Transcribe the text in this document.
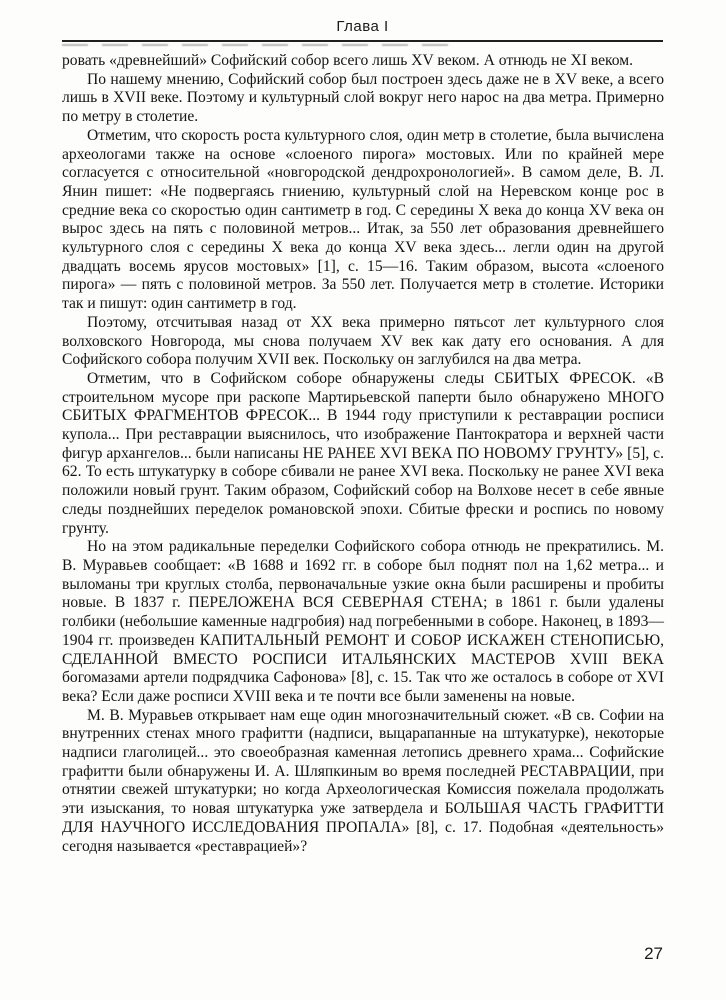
Глава I

ровать «древнейший» Софийский собор всего лишь XV веком. А отнюдь не XI веком.

По нашему мнению, Софийский собор был построен здесь даже не в XV веке, а всего лишь в XVII веке. Поэтому и культурный слой вокруг него нарос на два метра. Примерно по метру в столетие.

Отметим, что скорость роста культурного слоя, один метр в столетие, была вычислена археологами также на основе «слоеного пирога» мостовых. Или по крайней мере согласуется с относительной «новгородской дендрохронологией». В самом деле, В. Л. Янин пишет: «Не подвергаясь гниению, культурный слой на Неревском конце рос в средние века со скоростью один сантиметр в год. С середины X века до конца XV века он вырос здесь на пять с половиной метров... Итак, за 550 лет образования древнейшего культурного слоя с середины X века до конца XV века здесь... легли один на другой двадцать восемь ярусов мостовых» [1], с. 15—16. Таким образом, высота «слоеного пирога» — пять с половиной метров. За 550 лет. Получается метр в столетие. Историки так и пишут: один сантиметр в год.

Поэтому, отсчитывая назад от XX века примерно пятьсот лет культурного слоя волховского Новгорода, мы снова получаем XV век как дату его основания. А для Софийского собора получим XVII век. Поскольку он заглубился на два метра.

Отметим, что в Софийском соборе обнаружены следы СБИТЫХ ФРЕСОК. «В строительном мусоре при раскопе Мартирьевской паперти было обнаружено МНОГО СБИТЫХ ФРАГМЕНТОВ ФРЕСОК... В 1944 году приступили к реставрации росписи купола... При реставрации выяснилось, что изображение Пантократора и верхней части фигур архангелов... были написаны НЕ РАНЕЕ XVI ВЕКА ПО НОВОМУ ГРУНТУ» [5], с. 62. То есть штукатурку в соборе сбивали не ранее XVI века. Поскольку не ранее XVI века положили новый грунт. Таким образом, Софийский собор на Волхове несет в себе явные следы позднейших переделок романовской эпохи. Сбитые фрески и роспись по новому грунту.

Но на этом радикальные переделки Софийского собора отнюдь не прекратились. М. В. Муравьев сообщает: «В 1688 и 1692 гг. в соборе был поднят пол на 1,62 метра... и выломаны три круглых столба, первоначальные узкие окна были расширены и пробиты новые. В 1837 г. ПЕРЕЛОЖЕНА ВСЯ СЕВЕРНАЯ СТЕНА; в 1861 г. были удалены голбики (небольшие каменные надгробия) над погребенными в соборе. Наконец, в 1893—1904 гг. произведен КАПИТАЛЬНЫЙ РЕМОНТ И СОБОР ИСКАЖЕН СТЕНОПИСЬЮ, СДЕЛАННОЙ ВМЕСТО РОСПИСИ ИТАЛЬЯНСКИХ МАСТЕРОВ XVIII ВЕКА богомазами артели подрядчика Сафонова» [8], с. 15. Так что же осталось в соборе от XVI века? Если даже росписи XVIII века и те почти все были заменены на новые.

М. В. Муравьев открывает нам еще один многозначительный сюжет. «В св. Софии на внутренних стенах много графитти (надписи, выцарапанные на штукатурке), некоторые надписи глаголицей... это своеобразная каменная летопись древнего храма... Софийские графитти были обнаружены И. А. Шляпкиным во время последней РЕСТАВРАЦИИ, при отнятии свежей штукатурки; но когда Археологическая Комиссия пожелала продолжать эти изыскания, то новая штукатурка уже затвердела и БОЛЬШАЯ ЧАСТЬ ГРАФИТТИ ДЛЯ НАУЧНОГО ИССЛЕДОВАНИЯ ПРОПАЛА» [8], с. 17. Подобная «деятельность» сегодня называется «реставрацией»?

27
